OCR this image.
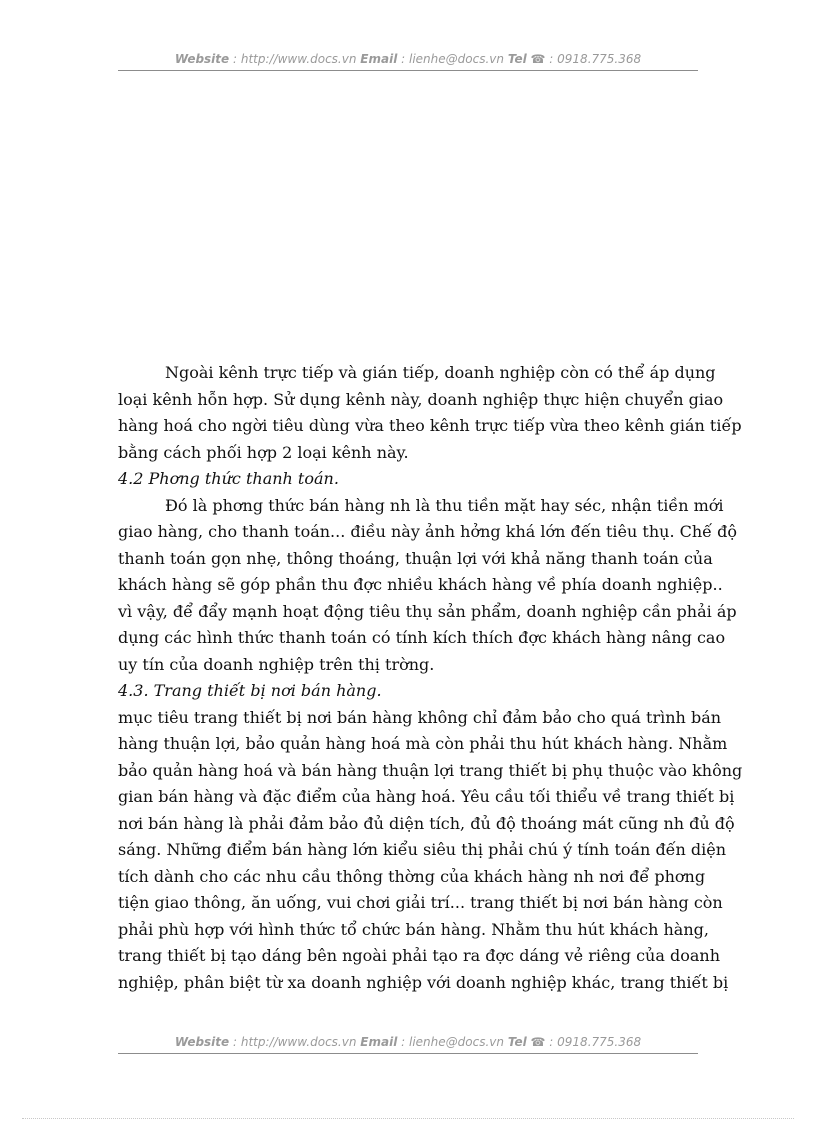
Website : http://www.docs.vn Email : lienhe@docs.vn Tel ☎ : 0918.775.368
Ngoài kênh trực tiếp và gián tiếp, doanh nghiệp còn có thể áp dụng
loại kênh hỗn hợp. Sử dụng kênh này, doanh nghiệp thực hiện chuyển giao
hàng hoá cho ngời tiêu dùng vừa theo kênh trực tiếp vừa theo kênh gián tiếp
bằng cách phối hợp 2 loại kênh này.
4.2 Phơng thức thanh toán.
Đó là phơng thức bán hàng nh là thu tiền mặt hay séc, nhận tiền mới
giao hàng, cho thanh toán... điều này ảnh hởng khá lớn đến tiêu thụ. Chế độ
thanh toán gọn nhẹ, thông thoáng, thuận lợi với khả năng thanh toán của
khách hàng sẽ góp phần thu đợc nhiều khách hàng về phía doanh nghiệp..
vì vậy, để đẩy mạnh hoạt động tiêu thụ sản phẩm, doanh nghiệp cần phải áp
dụng các hình thức thanh toán có tính kích thích đợc khách hàng nâng cao
uy tín của doanh nghiệp trên thị trờng.
4.3. Trang thiết bị nơi bán hàng.
mục tiêu trang thiết bị nơi bán hàng không chỉ đảm bảo cho quá trình bán
hàng thuận lợi, bảo quản hàng hoá mà còn phải thu hút khách hàng. Nhằm
bảo quản hàng hoá và bán hàng thuận lợi trang thiết bị phụ thuộc vào không
gian bán hàng và đặc điểm của hàng hoá. Yêu cầu tối thiểu về trang thiết bị
nơi bán hàng là phải đảm bảo đủ diện tích, đủ độ thoáng mát cũng nh đủ độ
sáng. Những điểm bán hàng lớn kiểu siêu thị phải chú ý tính toán đến diện
tích dành cho các nhu cầu thông thờng của khách hàng nh nơi để phơng
tiện giao thông, ăn uống, vui chơi giải trí... trang thiết bị nơi bán hàng còn
phải phù hợp với hình thức tổ chức bán hàng. Nhằm thu hút khách hàng,
trang thiết bị tạo dáng bên ngoài phải tạo ra đợc dáng vẻ riêng của doanh
nghiệp, phân biệt từ xa doanh nghiệp với doanh nghiệp khác, trang thiết bị
Website : http://www.docs.vn Email : lienhe@docs.vn Tel ☎ : 0918.775.368
